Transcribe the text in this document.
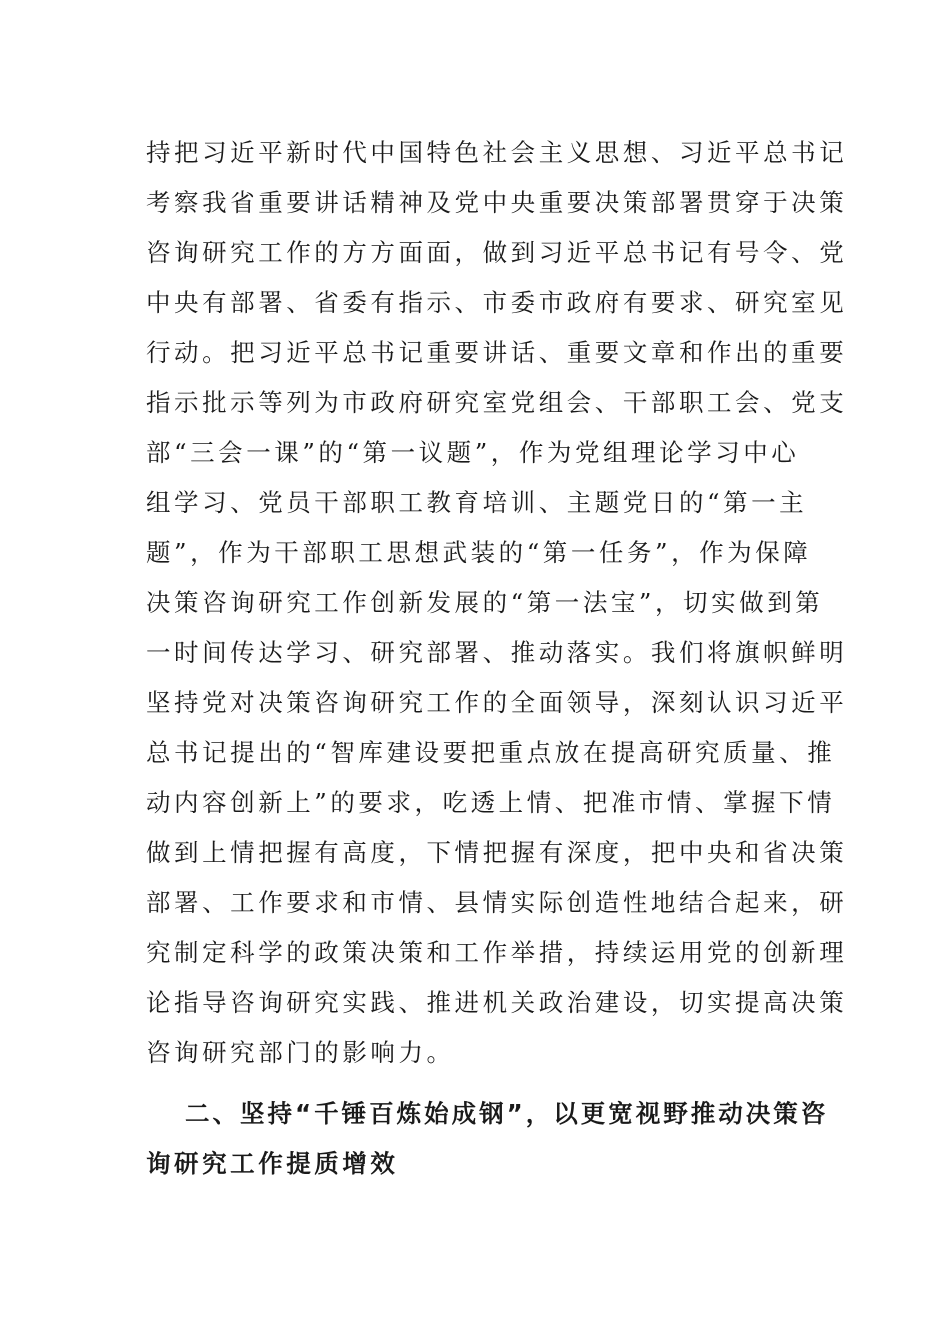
持把习近平新时代中国特色社会主义思想、习近平总书记
考察我省重要讲话精神及党中央重要决策部署贯穿于决策
咨询研究工作的方方面面，做到习近平总书记有号令、党
中央有部署、省委有指示、市委市政府有要求、研究室见
行动。把习近平总书记重要讲话、重要文章和作出的重要
指示批示等列为市政府研究室党组会、干部职工会、党支
部“三会一课”的“第一议题”，作为党组理论学习中心
组学习、党员干部职工教育培训、主题党日的“第一主
题”，作为干部职工思想武装的“第一任务”，作为保障
决策咨询研究工作创新发展的“第一法宝”，切实做到第
一时间传达学习、研究部署、推动落实。我们将旗帜鲜明
坚持党对决策咨询研究工作的全面领导，深刻认识习近平
总书记提出的“智库建设要把重点放在提高研究质量、推
动内容创新上”的要求，吃透上情、把准市情、掌握下情
做到上情把握有高度，下情把握有深度，把中央和省决策
部署、工作要求和市情、县情实际创造性地结合起来，研
究制定科学的政策决策和工作举措，持续运用党的创新理
论指导咨询研究实践、推进机关政治建设，切实提高决策
咨询研究部门的影响力。
二、坚持“千锤百炼始成钢”，以更宽视野推动决策咨
询研究工作提质增效
